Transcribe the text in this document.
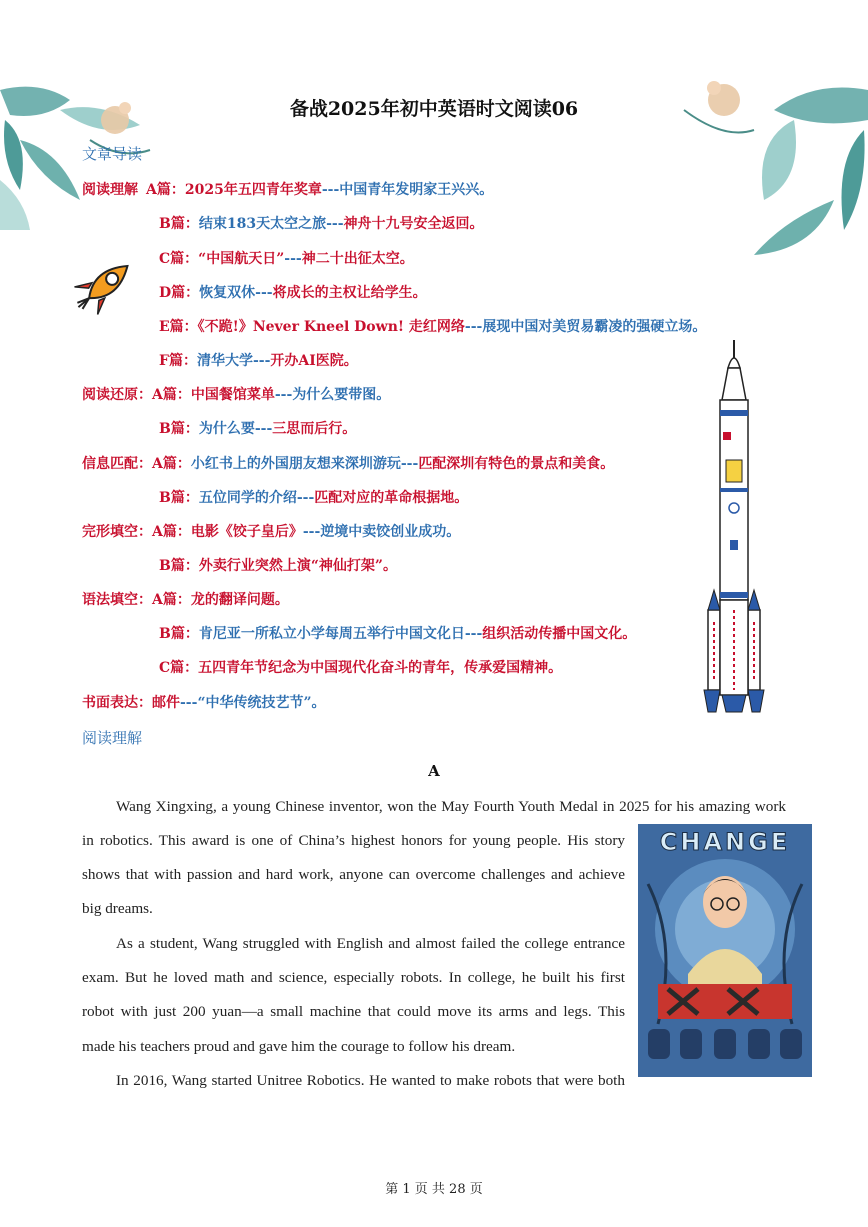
备战2025年初中英语时文阅读06
文章导读
阅读理解 A篇：2025年五四青年奖章---中国青年发明家王兴兴。
B篇：结束183天太空之旅---神舟十九号安全返回。
C篇：“中国航天日”---神二十出征太空。
D篇：恢复双休---将成长的主权让给学生。
E篇：《不跪!》Never Kneel Down! 走红网络---展现中国对美贸易霸凌的强硬立场。
F篇：清华大学---开办AI医院。
阅读还原：A篇：中国餐馆菜单---为什么要带图。
B篇：为什么要---三思而后行。
信息匹配：A篇：小红书上的外国朋友想来深圳游玩---匹配深圳有特色的景点和美食。
B篇：五位同学的介绍---匹配对应的革命根据地。
完形填空：A篇：电影《饺子皇后》---逆境中卖饺创业成功。
B篇：外卖行业突然上演“神仙打架”。
语法填空：A篇：龙的翻译问题。
B篇：肯尼亚一所私立小学每周五举行中国文化日---组织活动传播中国文化。
C篇：五四青年节纪念为中国现代化奋斗的青年，传承爱国精神。
书面表达：邮件---“中华传统技艺节”。
阅读理解
A
Wang Xingxing, a young Chinese inventor, won the May Fourth Youth Medal in 2025 for his amazing work
in robotics. This award is one of China’s highest honors for young people. His story
shows that with passion and hard work, anyone can overcome challenges and achieve
big dreams.
As a student, Wang struggled with English and almost failed the college entrance
exam. But he loved math and science, especially robots. In college, he built his first
robot with just 200 yuan—a small machine that could move its arms and legs. This
made his teachers proud and gave him the courage to follow his dream.
In 2016, Wang started Unitree Robotics. He wanted to make robots that were both
CHANGE
第 1 页 共 28 页
